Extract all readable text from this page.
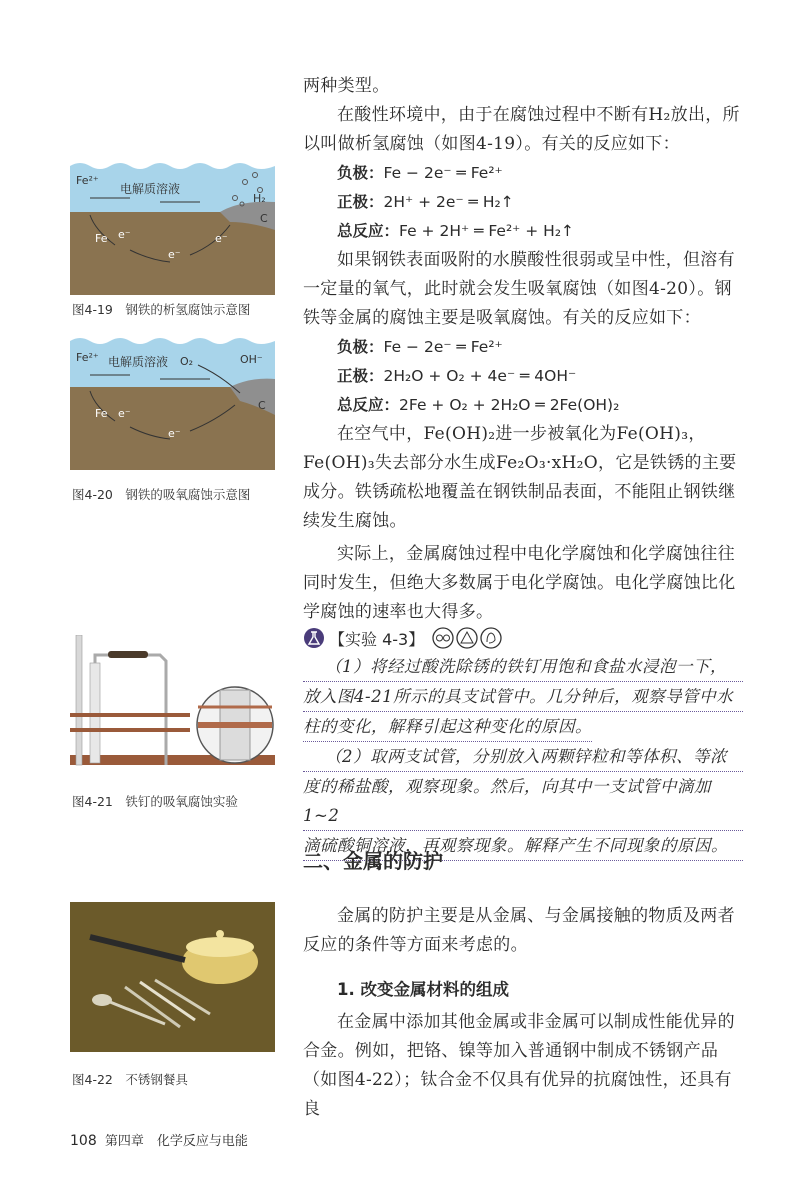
Fe²⁺
电解质溶液
H₂
C
Fe e⁻
e⁻
e⁻
图4-19　钢铁的析氢腐蚀示意图
Fe²⁺ 电解质溶液 O₂	OH⁻
C
Fe e⁻
e⁻
图4-20　钢铁的吸氧腐蚀示意图
图4-21　铁钉的吸氧腐蚀实验
图4-22　不锈钢餐具

两种类型。

在酸性环境中，由于在腐蚀过程中不断有H₂放出，所以叫做析氢腐蚀（如图4-19）。有关的反应如下：

负极：Fe − 2e⁻ ═ Fe²⁺
正极：2H⁺ + 2e⁻ ═ H₂↑
总反应：Fe + 2H⁺ ═ Fe²⁺ + H₂↑

如果钢铁表面吸附的水膜酸性很弱或呈中性，但溶有一定量的氧气，此时就会发生吸氧腐蚀（如图4-20）。钢铁等金属的腐蚀主要是吸氧腐蚀。有关的反应如下：

负极：Fe − 2e⁻ ═ Fe²⁺
正极：2H₂O + O₂ + 4e⁻ ═ 4OH⁻
总反应：2Fe + O₂ + 2H₂O ═ 2Fe(OH)₂

在空气中，Fe(OH)₂进一步被氧化为Fe(OH)₃，Fe(OH)₃失去部分水生成Fe₂O₃·xH₂O，它是铁锈的主要成分。铁锈疏松地覆盖在钢铁制品表面，不能阻止钢铁继续发生腐蚀。

实际上，金属腐蚀过程中电化学腐蚀和化学腐蚀往往同时发生，但绝大多数属于电化学腐蚀。电化学腐蚀比化学腐蚀的速率也大得多。

【实验 4-3】
（1）将经过酸洗除锈的铁钉用饱和食盐水浸泡一下，
放入图4-21所示的具支试管中。几分钟后，观察导管中水
柱的变化，解释引起这种变化的原因。
（2）取两支试管，分别放入两颗锌粒和等体积、等浓
度的稀盐酸，观察现象。然后，向其中一支试管中滴加1~2
滴硫酸铜溶液，再观察现象。解释产生不同现象的原因。
二、金属的防护

金属的防护主要是从金属、与金属接触的物质及两者反应的条件等方面来考虑的。

1. 改变金属材料的组成

在金属中添加其他金属或非金属可以制成性能优异的合金。例如，把铬、镍等加入普通钢中制成不锈钢产品（如图4-22）；钛合金不仅具有优异的抗腐蚀性，还具有良

108 第四章　化学反应与电能
